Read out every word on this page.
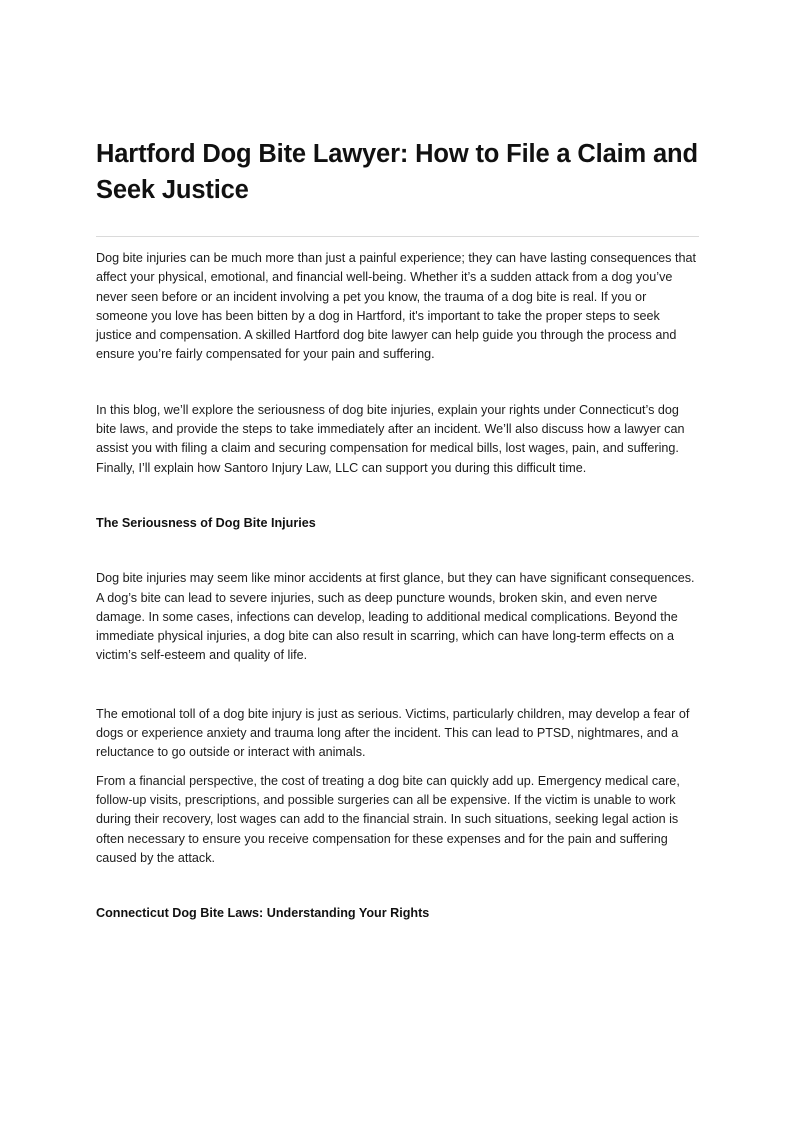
Hartford Dog Bite Lawyer: How to File a Claim and Seek Justice

Dog bite injuries can be much more than just a painful experience; they can have lasting consequences that affect your physical, emotional, and financial well-being. Whether it’s a sudden attack from a dog you’ve never seen before or an incident involving a pet you know, the trauma of a dog bite is real. If you or someone you love has been bitten by a dog in Hartford, it's important to take the proper steps to seek justice and compensation. A skilled Hartford dog bite lawyer can help guide you through the process and ensure you’re fairly compensated for your pain and suffering.

In this blog, we’ll explore the seriousness of dog bite injuries, explain your rights under Connecticut’s dog bite laws, and provide the steps to take immediately after an incident. We’ll also discuss how a lawyer can assist you with filing a claim and securing compensation for medical bills, lost wages, pain, and suffering. Finally, I’ll explain how Santoro Injury Law, LLC can support you during this difficult time.

The Seriousness of Dog Bite Injuries

Dog bite injuries may seem like minor accidents at first glance, but they can have significant consequences. A dog’s bite can lead to severe injuries, such as deep puncture wounds, broken skin, and even nerve damage. In some cases, infections can develop, leading to additional medical complications. Beyond the immediate physical injuries, a dog bite can also result in scarring, which can have long-term effects on a victim’s self-esteem and quality of life.

The emotional toll of a dog bite injury is just as serious. Victims, particularly children, may develop a fear of dogs or experience anxiety and trauma long after the incident. This can lead to PTSD, nightmares, and a reluctance to go outside or interact with animals.

From a financial perspective, the cost of treating a dog bite can quickly add up. Emergency medical care, follow-up visits, prescriptions, and possible surgeries can all be expensive. If the victim is unable to work during their recovery, lost wages can add to the financial strain. In such situations, seeking legal action is often necessary to ensure you receive compensation for these expenses and for the pain and suffering caused by the attack.

Connecticut Dog Bite Laws: Understanding Your Rights
